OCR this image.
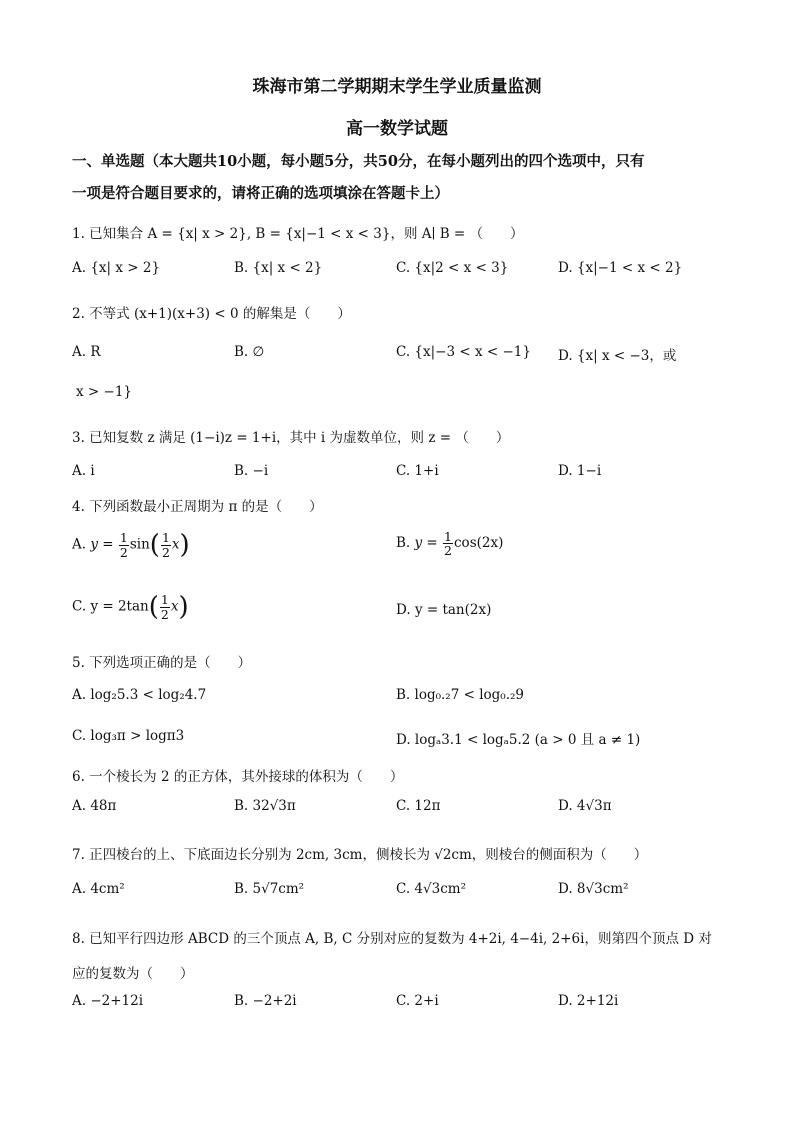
珠海市第二学期期末学生学业质量监测
高一数学试题
一、单选题（本大题共10小题，每小题5分，共50分，在每小题列出的四个选项中，只有
一项是符合题目要求的，请将正确的选项填涂在答题卡上）
1. 已知集合 A = {x| x > 2}, B = {x|−1 < x < 3}，则 A∣ B = （　　）
A. {x| x > 2}	B. {x| x < 2}	C. {x|2 < x < 3}	D. {x|−1 < x < 2}
2. 不等式 (x+1)(x+3) < 0 的解集是（　　）
A. R	B. ∅	C. {x|−3 < x < −1} D. {x| x < −3，或
x > −1}
3. 已知复数 z 满足 (1−i)z = 1+i，其中 i 为虚数单位，则 z = （　　）
A. i	B. −i	C. 1+i	D. 1−i
4. 下列函数最小正周期为 π 的是（　　）
A. $y = \frac{1}{2} \sin( \frac{1}{2} x)$	B. $y = \frac{1}{2} \cos(2x)$
C. $y = 2\tan( \frac{1}{2} x)$	D. y = tan(2x)
5. 下列选项正确的是（　　）
A. log₂5.3 < log₂4.7	B. log₀.₂7 < log₀.₂9
C. log₃π > logπ3	D. logₐ3.1 < logₐ5.2 (a > 0 且 a ≠ 1)
6. 一个棱长为 2 的正方体，其外接球的体积为（　　）
A. 48π	B. 32√3π	C. 12π	D. 4√3π
7. 正四棱台的上、下底面边长分别为 2cm, 3cm，侧棱长为 √2cm，则棱台的侧面积为（　　）
A. 4cm²	B. 5√7cm²	C. 4√3cm²	D. 8√3cm²
8. 已知平行四边形 ABCD 的三个顶点 A, B, C 分别对应的复数为 4+2i, 4−4i, 2+6i，则第四个顶点 D 对
应的复数为（　　）
A. −2+12i	B. −2+2i	C. 2+i	D. 2+12i
